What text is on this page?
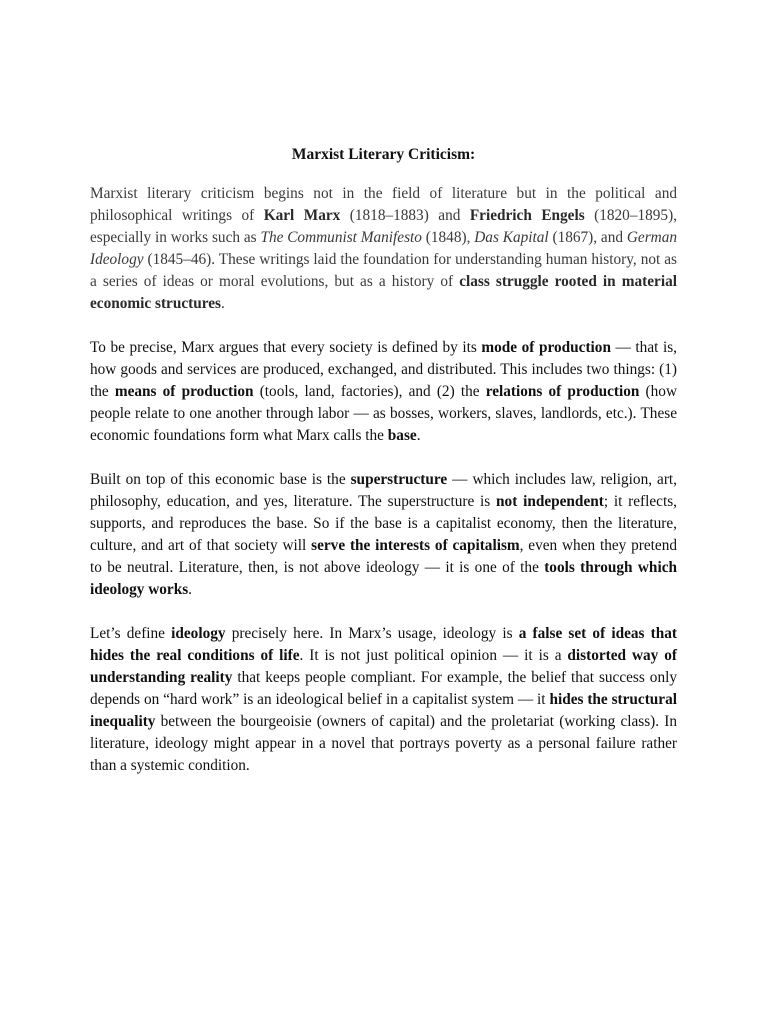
Marxist Literary Criticism:

Marxist literary criticism begins not in the field of literature but in the political and philosophical writings of Karl Marx (1818–1883) and Friedrich Engels (1820–1895), especially in works such as The Communist Manifesto (1848), Das Kapital (1867), and German Ideology (1845–46). These writings laid the foundation for understanding human history, not as a series of ideas or moral evolutions, but as a history of class struggle rooted in material economic structures.

To be precise, Marx argues that every society is defined by its mode of production — that is, how goods and services are produced, exchanged, and distributed. This includes two things: (1) the means of production (tools, land, factories), and (2) the relations of production (how people relate to one another through labor — as bosses, workers, slaves, landlords, etc.). These economic foundations form what Marx calls the base.

Built on top of this economic base is the superstructure — which includes law, religion, art, philosophy, education, and yes, literature. The superstructure is not independent; it reflects, supports, and reproduces the base. So if the base is a capitalist economy, then the literature, culture, and art of that society will serve the interests of capitalism, even when they pretend to be neutral. Literature, then, is not above ideology — it is one of the tools through which ideology works.

Let’s define ideology precisely here. In Marx’s usage, ideology is a false set of ideas that hides the real conditions of life. It is not just political opinion — it is a distorted way of understanding reality that keeps people compliant. For example, the belief that success only depends on “hard work” is an ideological belief in a capitalist system — it hides the structural inequality between the bourgeoisie (owners of capital) and the proletariat (working class). In literature, ideology might appear in a novel that portrays poverty as a personal failure rather than a systemic condition.
